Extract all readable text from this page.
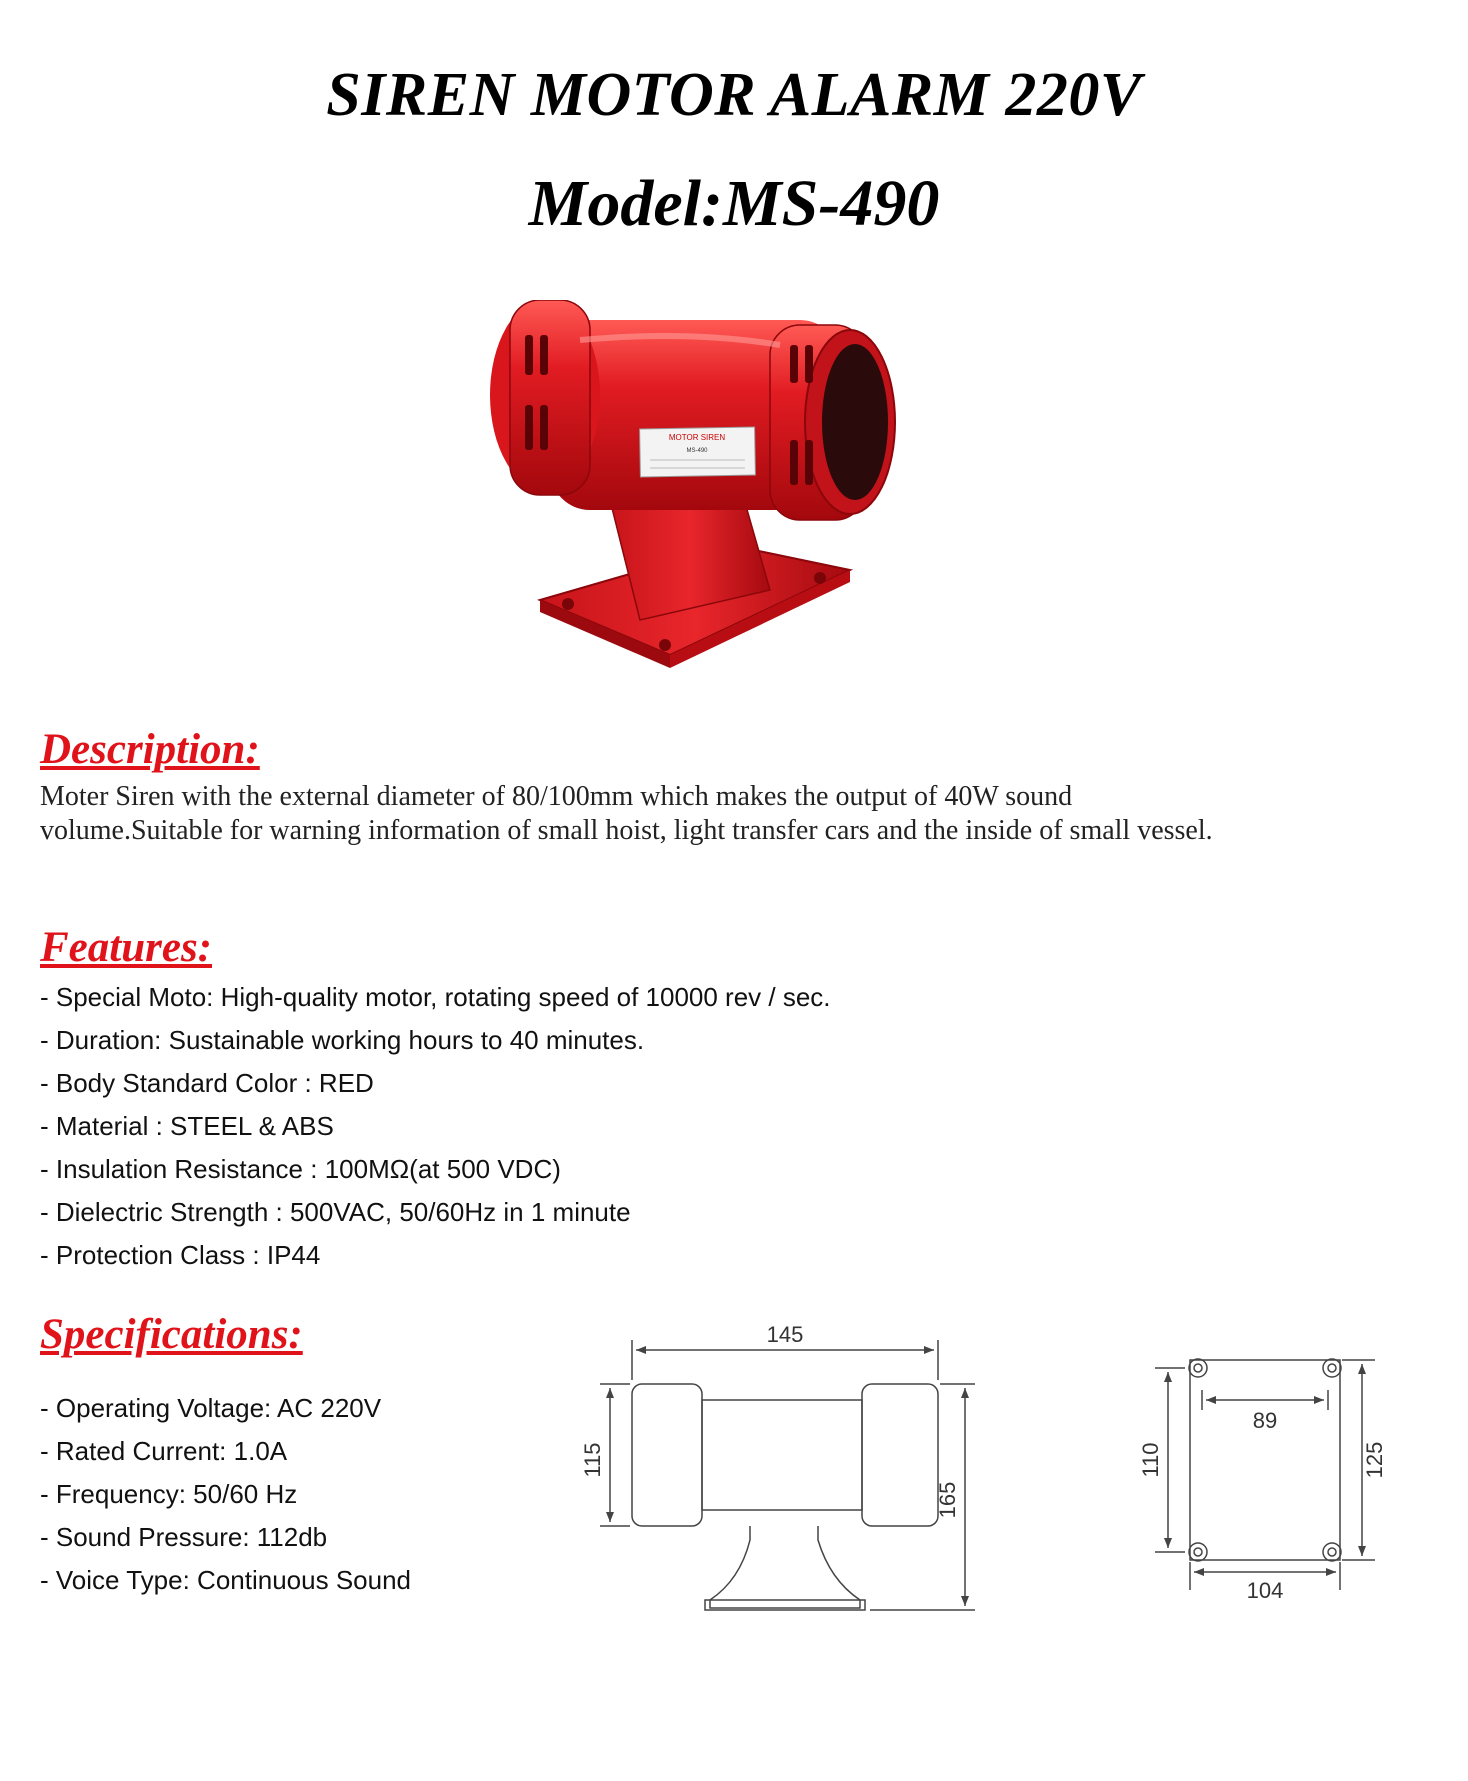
SIREN MOTOR ALARM 220V
Model:MS-490
MOTOR SIREN
MS-490
Description:

Moter Siren with the external diameter of 80/100mm which makes the output of 40W sound volume.Suitable for warning information of small hoist, light transfer cars and the inside of small vessel.

Features:
- Special Moto: High-quality motor, rotating speed of 10000 rev / sec.
- Duration: Sustainable working hours to 40 minutes.
- Body Standard Color : RED
- Material : STEEL & ABS
- Insulation Resistance : 100MΩ(at 500 VDC)
- Dielectric Strength : 500VAC, 50/60Hz in 1 minute
- Protection Class : IP44
Specifications:
- Operating Voltage: AC 220V
- Rated Current: 1.0A
- Frequency: 50/60 Hz
- Sound Pressure: 112db
- Voice Type: Continuous Sound
145
115
165
89
110	125
104
